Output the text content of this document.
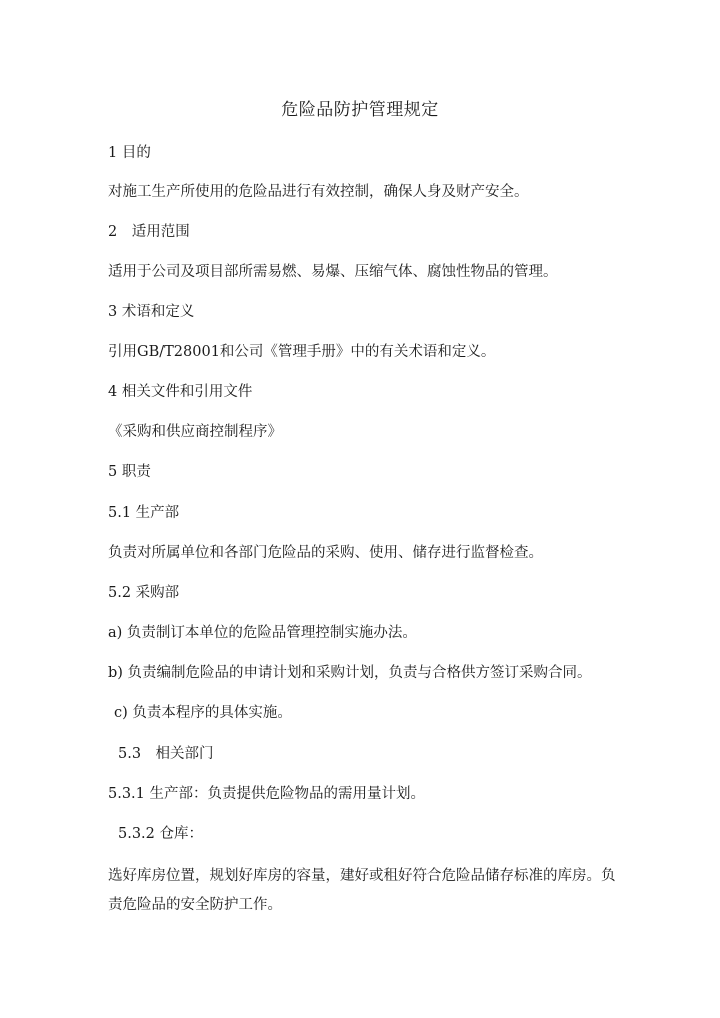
危险品防护管理规定
1 目的
对施工生产所使用的危险品进行有效控制，确保人身及财产安全。
2　适用范围
适用于公司及项目部所需易燃、易爆、压缩气体、腐蚀性物品的管理。
3 术语和定义
引用GB/T28001和公司《管理手册》中的有关术语和定义。
4 相关文件和引用文件
《采购和供应商控制程序》
5 职责
5.1 生产部
负责对所属单位和各部门危险品的采购、使用、储存进行监督检查。
5.2 采购部
a) 负责制订本单位的危险品管理控制实施办法。
b) 负责编制危险品的申请计划和采购计划，负责与合格供方签订采购合同。
c) 负责本程序的具体实施。
5.3　相关部门
5.3.1 生产部：负责提供危险物品的需用量计划。
5.3.2 仓库：
选好库房位置，规划好库房的容量，建好或租好符合危险品储存标准的库房。负责危险品的安全防护工作。
